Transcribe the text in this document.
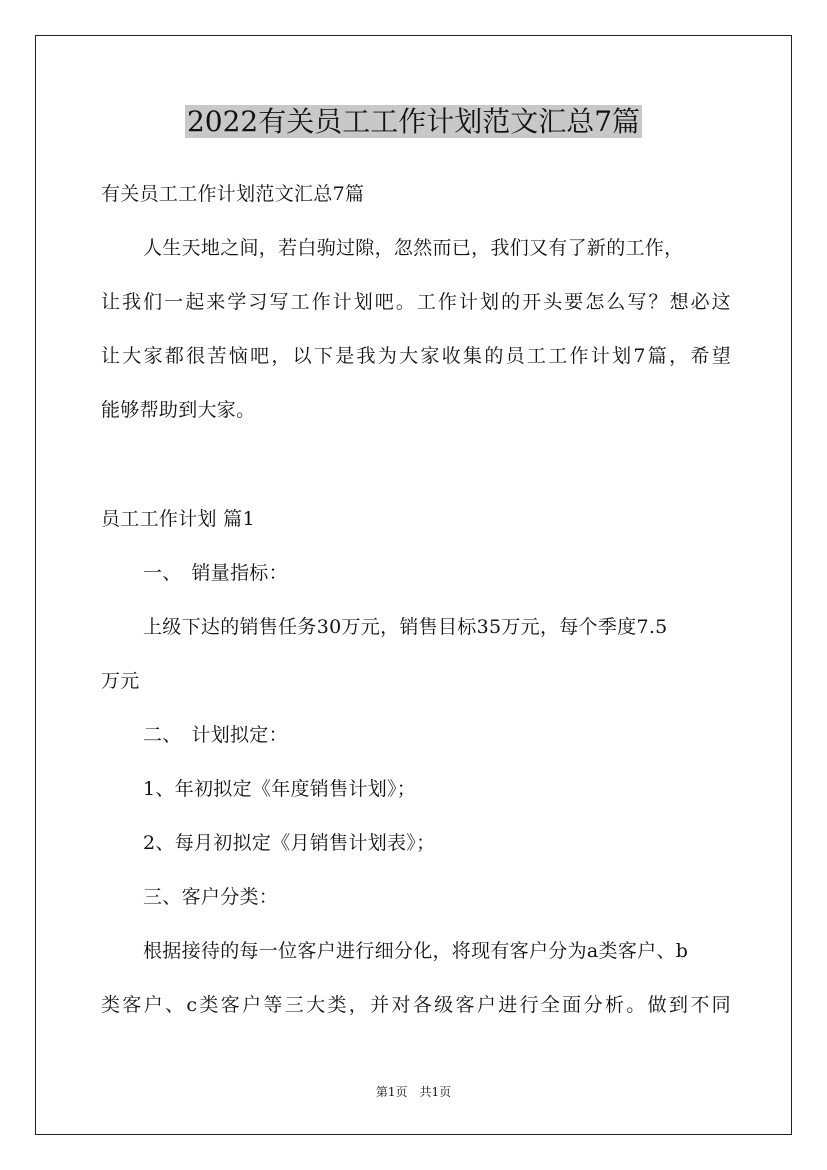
2022有关员工工作计划范文汇总7篇

有关员工工作计划范文汇总7篇

人生天地之间，若白驹过隙，忽然而已，我们又有了新的工作，

让我们一起来学习写工作计划吧。工作计划的开头要怎么写？想必这

让大家都很苦恼吧，以下是我为大家收集的员工工作计划7篇，希望

能够帮助到大家。

员工工作计划 篇1

一、　销量指标：

上级下达的销售任务30万元，销售目标35万元，每个季度7.5

万元

二、　计划拟定：

1、年初拟定《年度销售计划》；

2、每月初拟定《月销售计划表》；

三、客户分类：

根据接待的每一位客户进行细分化，将现有客户分为a类客户、b

类客户、c类客户等三大类，并对各级客户进行全面分析。做到不同

第1页　共1页
